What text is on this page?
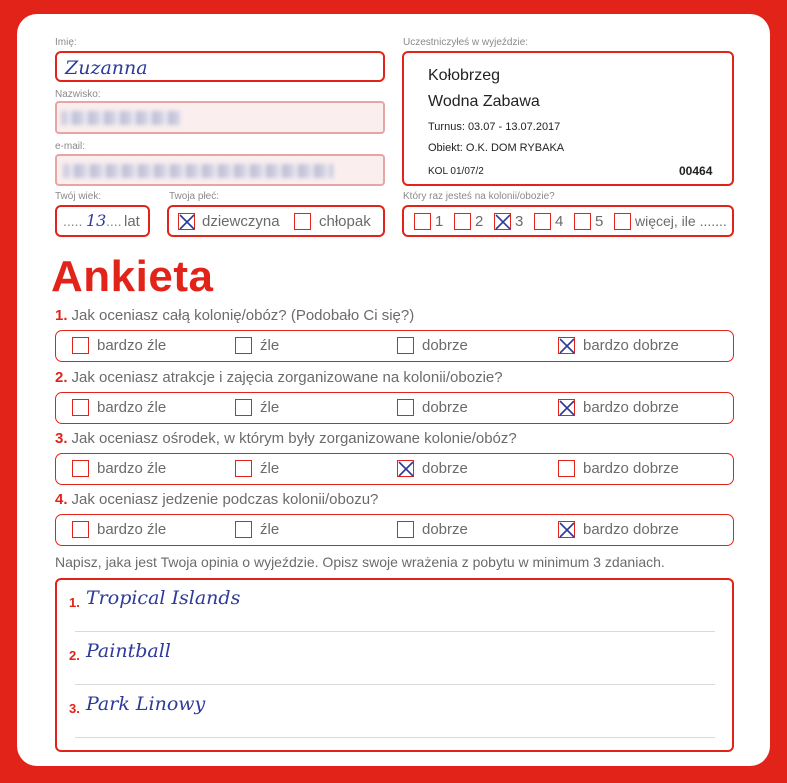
Imię:
Zuzanna
Nazwisko:
e-mail:
Twój wiek:
..... 13 .... lat
Twoja płeć:
dziewczyna	chłopak
Uczestniczyłeś w wyjeździe:
Kołobrzeg
Wodna Zabawa
Turnus: 03.07 - 13.07.2017
Obiekt: O.K. DOM RYBAKA
KOL 01/07/2	00464
Który raz jesteś na kolonii/obozie?
1 2 3 4 5 więcej, ile .......
Ankieta
1. Jak oceniasz całą kolonię/obóz? (Podobało Ci się?)
bardzo źle	źle	dobrze	bardzo dobrze
2. Jak oceniasz atrakcje i zajęcia zorganizowane na kolonii/obozie?
bardzo źle	źle	dobrze	bardzo dobrze
3. Jak oceniasz ośrodek, w którym były zorganizowane kolonie/obóz?
bardzo źle	źle	dobrze	bardzo dobrze
4. Jak oceniasz jedzenie podczas kolonii/obozu?
bardzo źle	źle	dobrze	bardzo dobrze
Napisz, jaka jest Twoja opinia o wyjeździe. Opisz swoje wrażenia z pobytu w minimum 3 zdaniach.
1. Tropical Islands
2. Paintball
3. Park Linowy
